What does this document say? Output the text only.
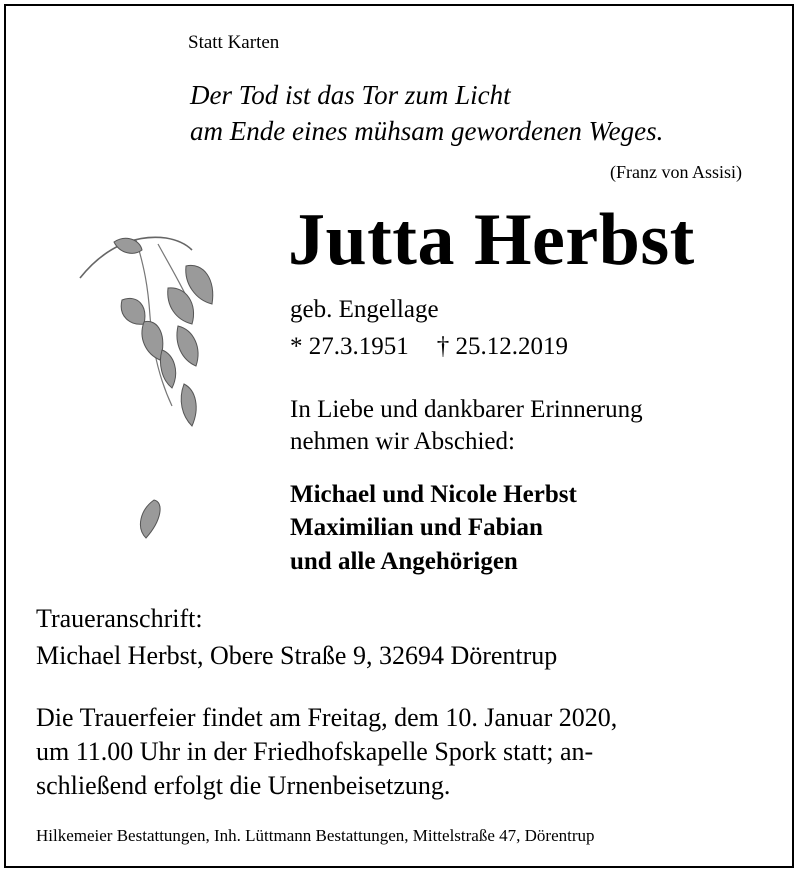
Statt Karten
Der Tod ist das Tor zum Licht
am Ende eines mühsam gewordenen Weges.
(Franz von Assisi)
Jutta Herbst
geb. Engellage
* 27.3.1951 † 25.12.2019
In Liebe und dankbarer Erinnerung
nehmen wir Abschied:
Michael und Nicole Herbst
Maximilian und Fabian
und alle Angehörigen
Traueranschrift:
Michael Herbst, Obere Straße 9, 32694 Dörentrup
Die Trauerfeier findet am Freitag, dem 10. Januar 2020,
um 11.00 Uhr in der Friedhofskapelle Spork statt; an-
schließend erfolgt die Urnenbeisetzung.
Hilkemeier Bestattungen, Inh. Lüttmann Bestattungen, Mittelstraße 47, Dörentrup
